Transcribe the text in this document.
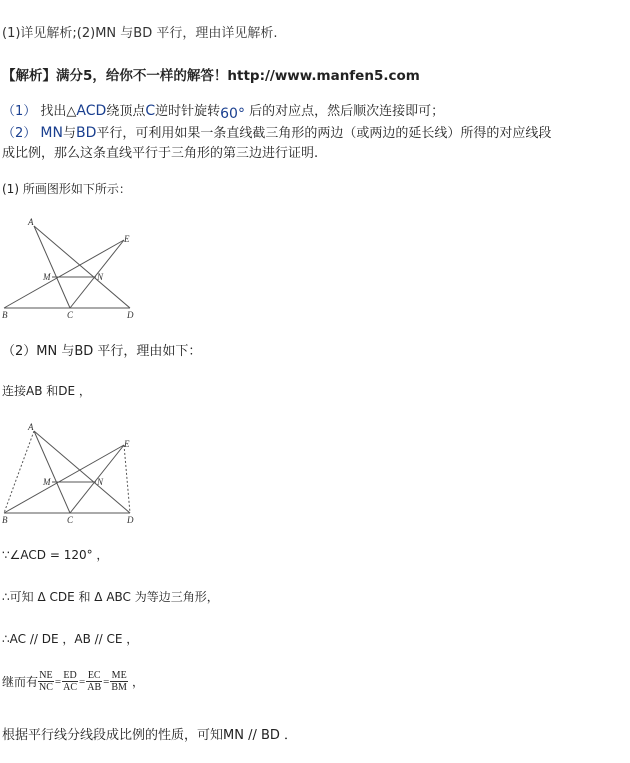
(1)详见解析;(2)MN 与BD 平行，理由详见解析.
【解析】满分5，给你不一样的解答！http://www.manfen5.com
（1） 找出△ACD绕顶点C逆时针旋转60° 后的对应点，然后顺次连接即可；
（2） MN与BD平行，可利用如果一条直线截三角形的两边（或两边的延长线）所得的对应线段
成比例，那么这条直线平行于三角形的第三边进行证明.
(1) 所画图形如下所示：
A
E
M	N
B	C	D
（2）MN 与BD 平行，理由如下：
连接AB 和DE ，
A
E
M	N
B	C	D
∵∠ACD = 120° ，
∴可知 Δ CDE 和 Δ ABC 为等边三角形，
∴AC // DE ，AB // CE ，
继而有 $\frac{NE}{NC} = \frac{ED}{AC} = \frac{EC}{AB} = \frac{ME}{BM}$ ，
根据平行线分线段成比例的性质，可知MN // BD ．
